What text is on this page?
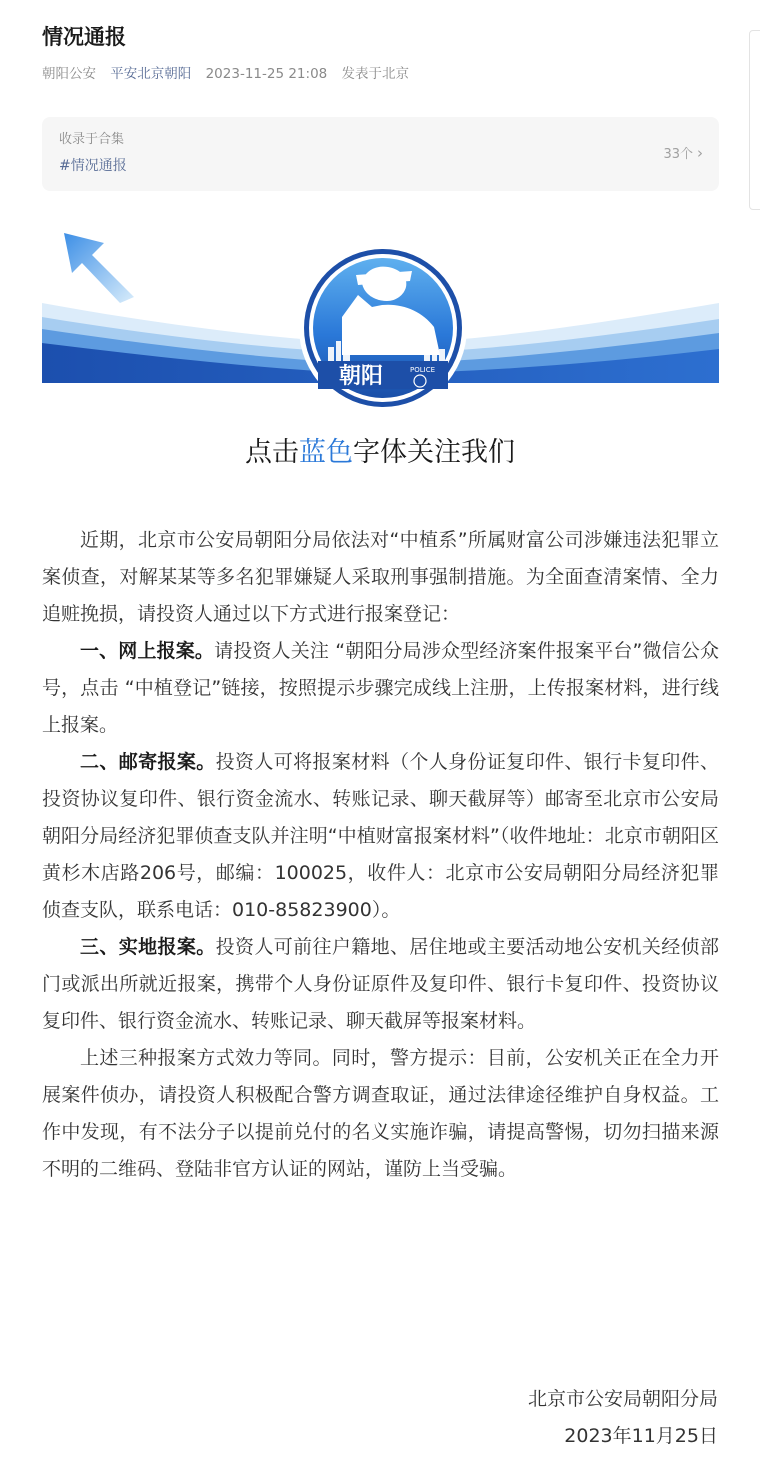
情况通报
朝阳公安 平安北京朝阳 2023-11-25 21:08 发表于北京
收录于合集
#情况通报
33个 ›
朝阳	POLICE
点击蓝色字体关注我们

近期，北京市公安局朝阳分局依法对“中植系”所属财富公司涉嫌违法犯罪立案侦查，对解某某等多名犯罪嫌疑人采取刑事强制措施。为全面查清案情、全力追赃挽损，请投资人通过以下方式进行报案登记：

一、网上报案。请投资人关注 “朝阳分局涉众型经济案件报案平台”微信公众号，点击 “中植登记”链接，按照提示步骤完成线上注册，上传报案材料，进行线上报案。

二、邮寄报案。投资人可将报案材料（个人身份证复印件、银行卡复印件、投资协议复印件、银行资金流水、转账记录、聊天截屏等）邮寄至北京市公安局朝阳分局经济犯罪侦查支队并注明“中植财富报案材料”（收件地址：北京市朝阳区黄杉木店路206号，邮编：100025，收件人：北京市公安局朝阳分局经济犯罪侦查支队，联系电话：010-85823900）。

三、实地报案。投资人可前往户籍地、居住地或主要活动地公安机关经侦部门或派出所就近报案，携带个人身份证原件及复印件、银行卡复印件、投资协议复印件、银行资金流水、转账记录、聊天截屏等报案材料。

上述三种报案方式效力等同。同时，警方提示：目前，公安机关正在全力开展案件侦办，请投资人积极配合警方调查取证，通过法律途径维护自身权益。工作中发现，有不法分子以提前兑付的名义实施诈骗，请提高警惕，切勿扫描来源不明的二维码、登陆非官方认证的网站，谨防上当受骗。

北京市公安局朝阳分局
2023年11月25日
